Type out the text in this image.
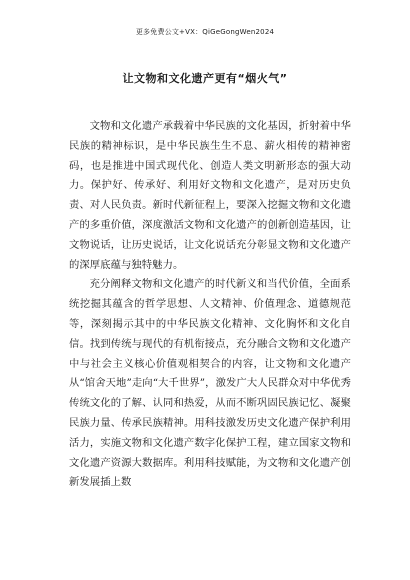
更多免费公文+VX：QiGeGongWen2024
让文物和文化遗产更有“烟火气”

文物和文化遗产承载着中华民族的文化基因，折射着中华民族的精神标识，是中华民族生生不息、薪火相传的精神密码，也是推进中国式现代化、创造人类文明新形态的强大动力。保护好、传承好、利用好文物和文化遗产，是对历史负责、对人民负责。新时代新征程上，要深入挖掘文物和文化遗产的多重价值，深度激活文物和文化遗产的创新创造基因，让文物说话，让历史说话，让文化说话充分彰显文物和文化遗产的深厚底蕴与独特魅力。

充分阐释文物和文化遗产的时代新义和当代价值，全面系统挖掘其蕴含的哲学思想、人文精神、价值理念、道德规范等，深刻揭示其中的中华民族文化精神、文化胸怀和文化自信。找到传统与现代的有机衔接点，充分融合文物和文化遗产中与社会主义核心价值观相契合的内容，让文物和文化遗产从“馆舍天地”走向“大千世界”，激发广大人民群众对中华优秀传统文化的了解、认同和热爱，从而不断巩固民族记忆、凝聚民族力量、传承民族精神。用科技激发历史文化遗产保护利用活力，实施文物和文化遗产数字化保护工程，建立国家文物和文化遗产资源大数据库。利用科技赋能，为文物和文化遗产创新发展插上数
